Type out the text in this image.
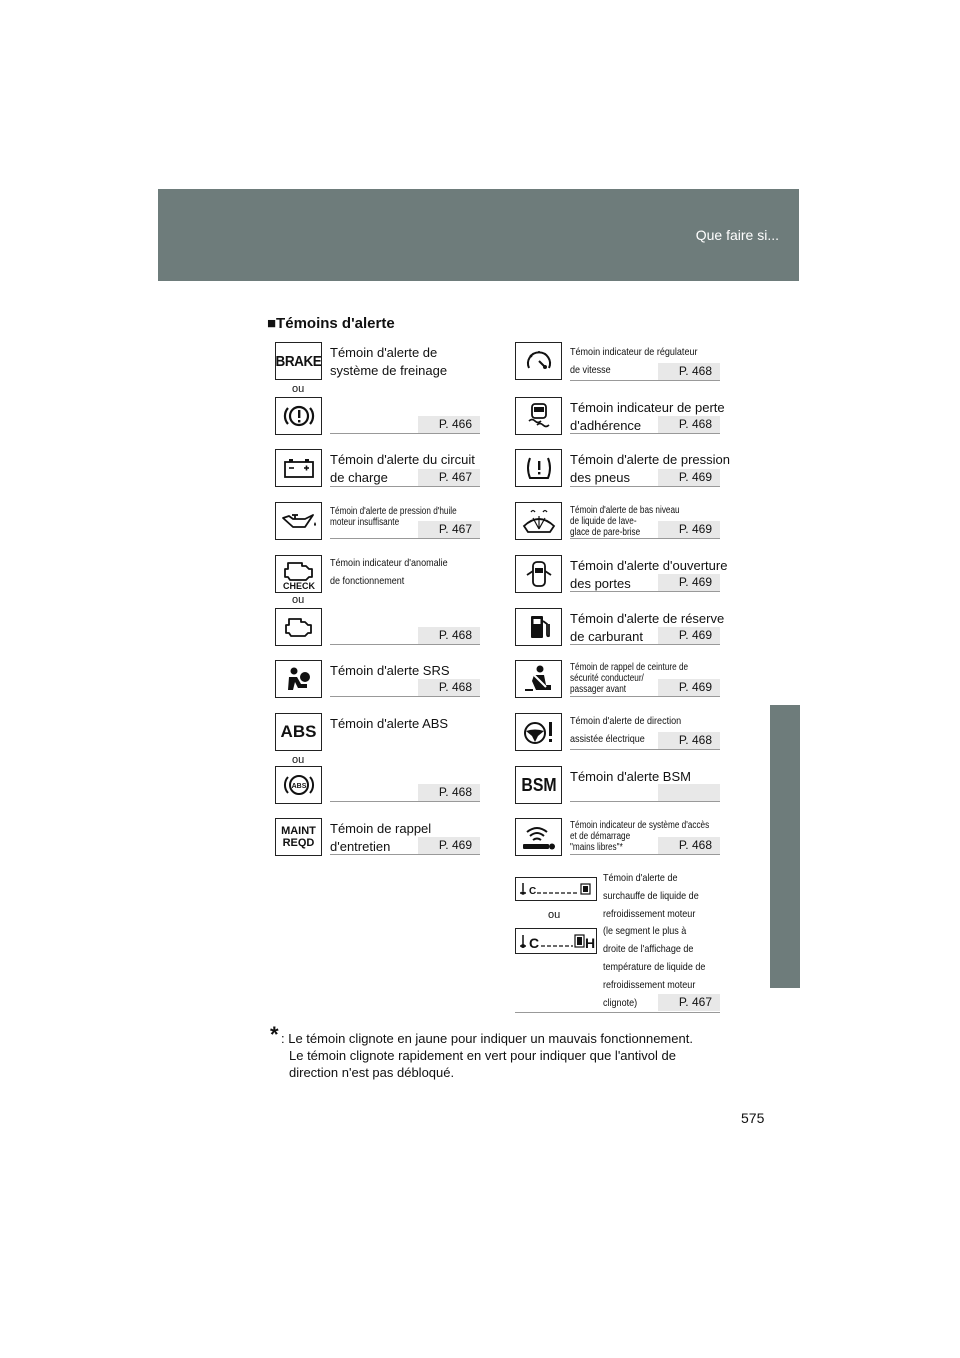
Que faire si...
■Témoins d'alerte
BRAKE Témoin d'alerte de
système de freinage
ou
P. 466
Témoin d'alerte du circuit
de charge	P. 467
Témoin d'alerte de pression d'huile
moteur insuffisante	P. 467
CHECK
Témoin indicateur d'anomalie
de fonctionnement
ou
P. 468
Témoin d'alerte SRS
P. 468
ABS Témoin d'alerte ABS
ou
ABS	P. 468
MAINT
REQD
Témoin de rappel
d'entretien	P. 469
Témoin indicateur de régulateur
de vitesse	P. 468
Témoin indicateur de perte
d'adhérence	P. 468
Témoin d'alerte de pression
des pneus	P. 469
Témoin d'alerte de bas niveau
de liquide de lave-
glace de pare-brise	P. 469
Témoin d'alerte d'ouverture
des portes	P. 469
Témoin d'alerte de réserve
de carburant	P. 469
Témoin de rappel de ceinture de
sécurité conducteur/
passager avant	P. 469
Témoin d'alerte de direction
assistée électrique	P. 468
BSM Témoin d'alerte BSM
Témoin indicateur de système d'accès
et de démarrage
"mains libres"*	P. 468
C
ou
C	H
Témoin d'alerte de
surchauffe de liquide de
refroidissement moteur
(le segment le plus à
droite de l'affichage de
température de liquide de
refroidissement moteur
clignote)	P. 467
* : Le témoin clignote en jaune pour indiquer un mauvais fonctionnement.
Le témoin clignote rapidement en vert pour indiquer que l'antivol de
direction n'est pas débloqué.
575
